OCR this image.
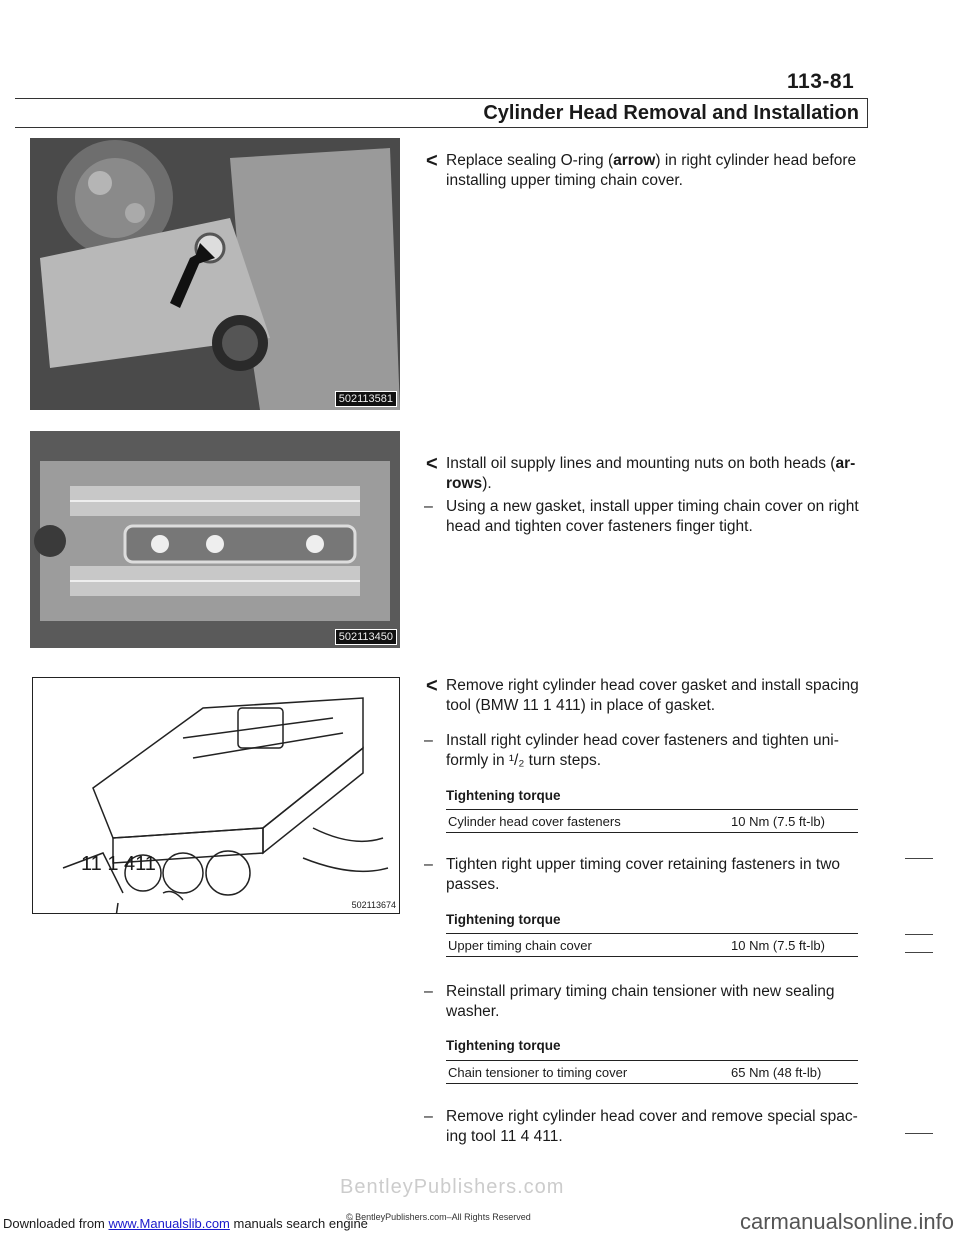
113-81
Cylinder Head Removal and Installation
502113581
502113450
11 1 411
502113674
< Replace sealing O-ring (arrow) in right cylinder head before installing upper timing chain cover.
< Install oil supply lines and mounting nuts on both heads (ar- rows).
– Using a new gasket, install upper timing chain cover on right head and tighten cover fasteners finger tight.
< Remove right cylinder head cover gasket and install spacing tool (BMW 11 1 411) in place of gasket.
– Install right cylinder head cover fasteners and tighten uni- formly in ¹/₂ turn steps.
Tightening torque
Cylinder head cover fasteners	10 Nm (7.5 ft-lb)
– Tighten right upper timing cover retaining fasteners in two passes.
Tightening torque
Upper timing chain cover	10 Nm (7.5 ft-lb)
– Reinstall primary timing chain tensioner with new sealing washer.
Tightening torque
Chain tensioner to timing cover	65 Nm (48 ft-lb)
– Remove right cylinder head cover and remove special spac- ing tool 11 4 411.
BentleyPublishers.com
© BentleyPublishers.com–All Rights Reserved
Downloaded from www.Manualslib.com manuals search engine	carmanualsonline.info
